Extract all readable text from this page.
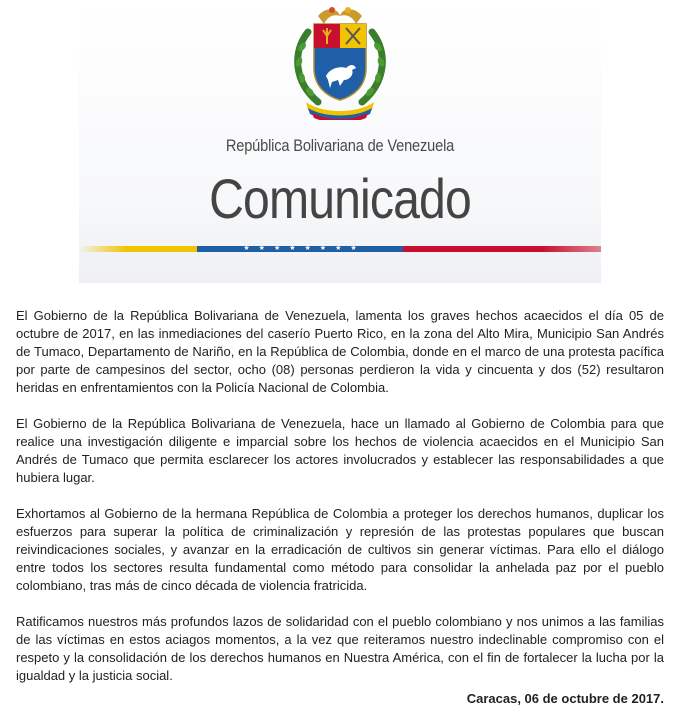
República Bolivariana de Venezuela
Comunicado
★ ★ ★ ★ ★ ★ ★ ★

El Gobierno de la República Bolivariana de Venezuela, lamenta los graves hechos acaecidos el día 05 de octubre de 2017, en las inmediaciones del caserío Puerto Rico, en la zona del Alto Mira, Municipio San Andrés de Tumaco, Departamento de Nariño, en la República de Colombia, donde en el marco de una protesta pacífica por parte de campesinos del sector, ocho (08) personas perdieron la vida y cincuenta y dos (52) resultaron heridas en enfrentamientos con la Policía Nacional de Colombia.

El Gobierno de la República Bolivariana de Venezuela, hace un llamado al Gobierno de Colombia para que realice una investigación diligente e imparcial sobre los hechos de violencia acaecidos en el Municipio San Andrés de Tumaco que permita esclarecer los actores involucrados y establecer las responsabilidades a que hubiera lugar.

Exhortamos al Gobierno de la hermana República de Colombia a proteger los derechos humanos, duplicar los esfuerzos para superar la política de criminalización y represión de las protestas populares que buscan reivindicaciones sociales, y avanzar en la erradicación de cultivos sin generar víctimas. Para ello el diálogo entre todos los sectores resulta fundamental como método para consolidar la anhelada paz por el pueblo colombiano, tras más de cinco década de violencia fratricida.

Ratificamos nuestros más profundos lazos de solidaridad con el pueblo colombiano y nos unimos a las familias de las víctimas en estos aciagos momentos, a la vez que reiteramos nuestro indeclinable compromiso con el respeto y la consolidación de los derechos humanos en Nuestra América, con el fin de fortalecer la lucha por la igualdad y la justicia social.

Caracas, 06 de octubre de 2017.
